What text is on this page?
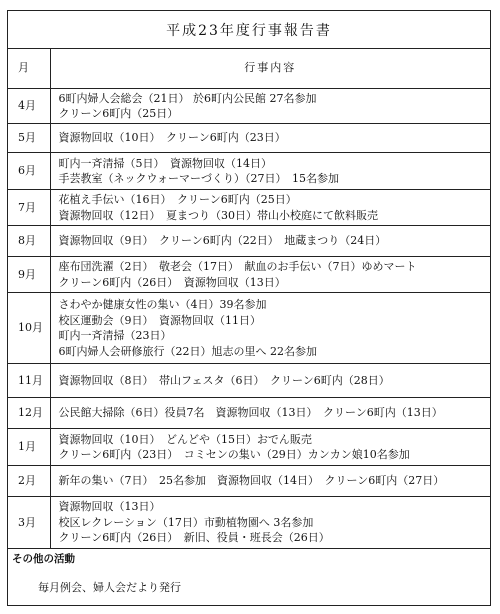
平成23年度行事報告書
月	行事内容
4月	6町内婦人会総会（21日） 於6町内公民館 27名参加
クリーン6町内（25日）

5月	資源物回収（10日）　クリーン6町内（23日）

6月	町内一斉清掃（5日）　資源物回収（14日）
手芸教室（ネックウォーマーづくり）（27日）　15名参加

7月	花植え手伝い（16日）　クリーン6町内（25日）
資源物回収（12日）　夏まつり（30日）帯山小校庭にて飲料販売

8月	資源物回収（9日）　クリーン6町内（22日）　地蔵まつり（24日）

9月	座布団洗濯（2日）　敬老会（17日）　献血のお手伝い（7日）ゆめマート
クリーン6町内（26日）　資源物回収（13日）

10月	さわやか健康女性の集い（4日）39名参加
校区運動会（9日）　資源物回収（11日）
町内一斉清掃（23日）
6町内婦人会研修旅行（22日）旭志の里へ 22名参加

11月	資源物回収（8日）　帯山フェスタ（6日）　クリーン6町内（28日）

12月	公民館大掃除（6日）役員7名　資源物回収（13日）　クリーン6町内（13日）

1月	資源物回収（10日）　どんどや（15日）おでん販売
クリーン6町内（23日）　コミセンの集い（29日）カンカン娘10名参加

2月	新年の集い（7日）　25名参加　資源物回収（14日）　クリーン6町内（27日）

3月	資源物回収（13日）
校区レクレーション（17日）市動植物園へ 3名参加
クリーン6町内（26日）　新旧、役員・班長会（26日）
その他の活動
毎月例会、婦人会だより発行
